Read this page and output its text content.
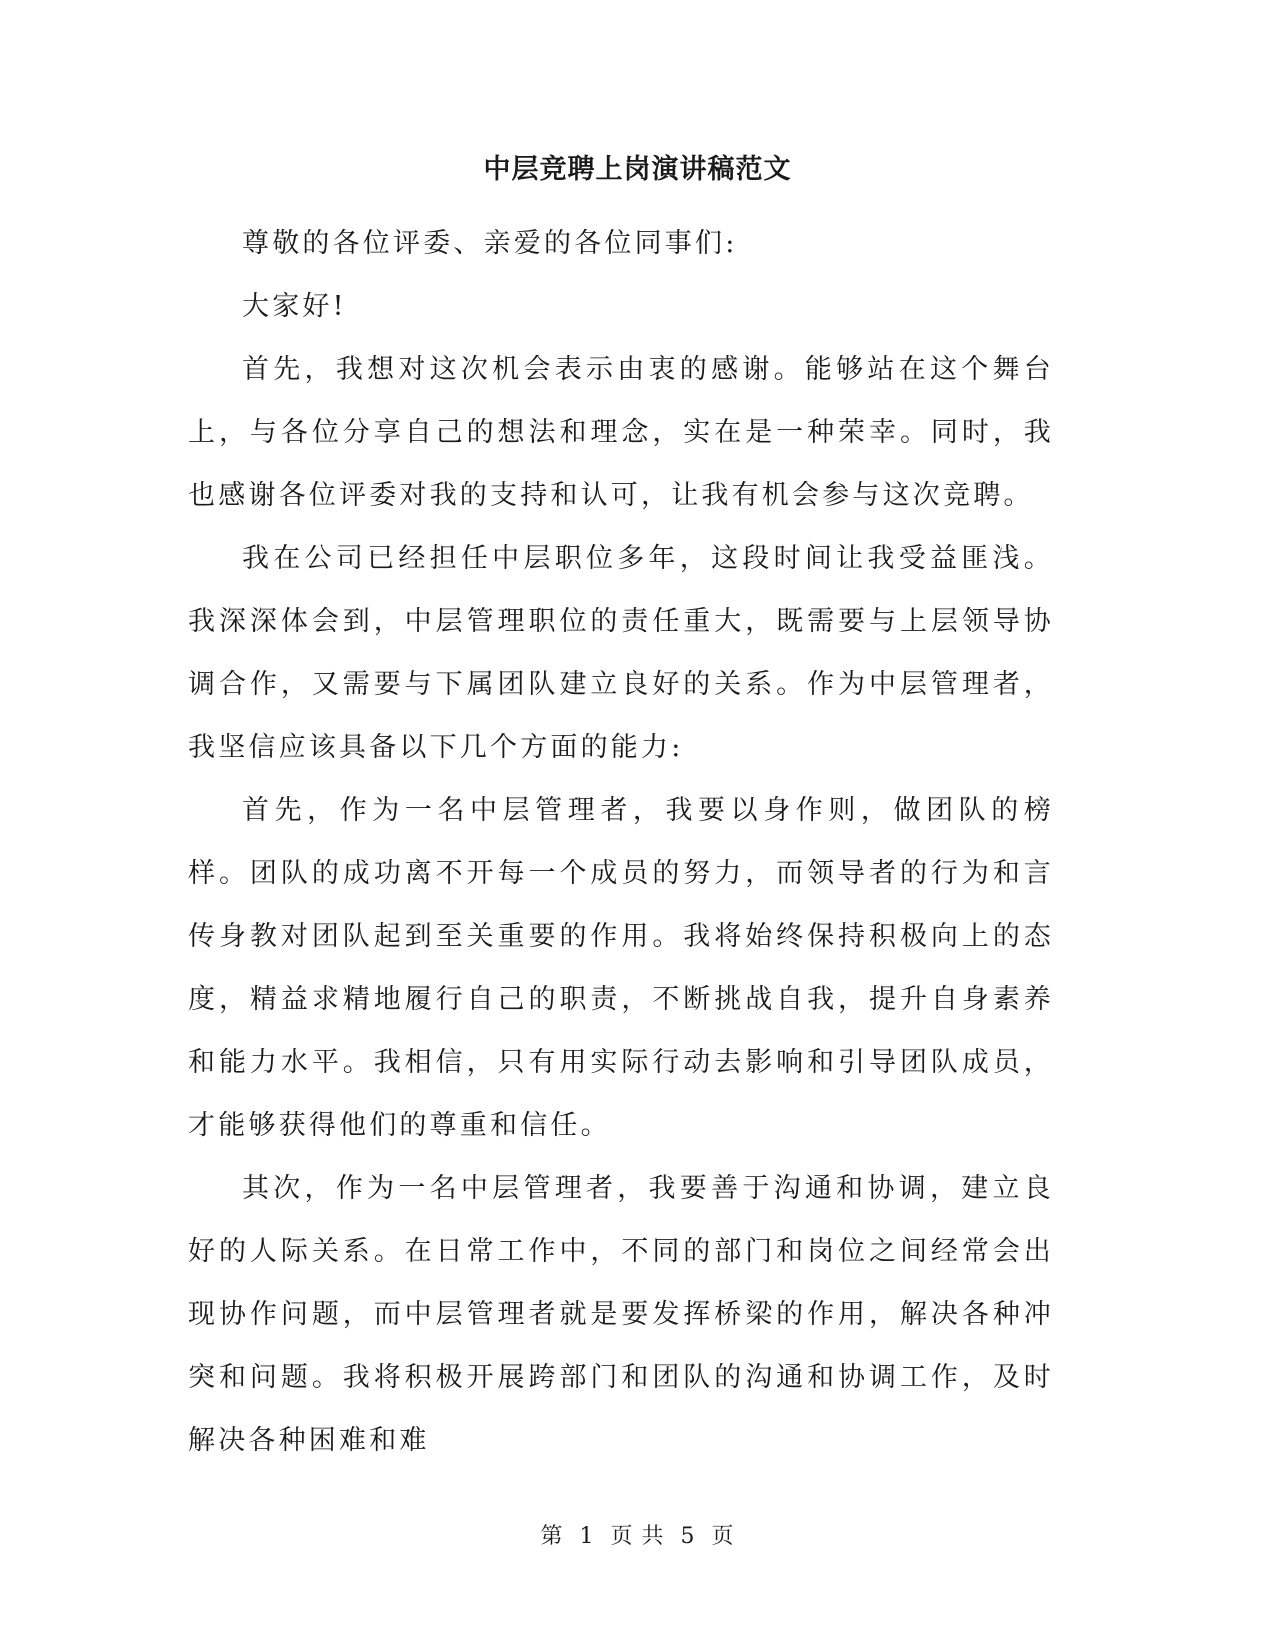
中层竞聘上岗演讲稿范文

尊敬的各位评委、亲爱的各位同事们:

大家好!

首先，我想对这次机会表示由衷的感谢。能够站在这个舞台上，与各位分享自己的想法和理念，实在是一种荣幸。同时，我也感谢各位评委对我的支持和认可，让我有机会参与这次竞聘。

我在公司已经担任中层职位多年，这段时间让我受益匪浅。我深深体会到，中层管理职位的责任重大，既需要与上层领导协调合作，又需要与下属团队建立良好的关系。作为中层管理者，我坚信应该具备以下几个方面的能力:

首先，作为一名中层管理者，我要以身作则，做团队的榜样。团队的成功离不开每一个成员的努力，而领导者的行为和言传身教对团队起到至关重要的作用。我将始终保持积极向上的态度，精益求精地履行自己的职责，不断挑战自我，提升自身素养和能力水平。我相信，只有用实际行动去影响和引导团队成员，才能够获得他们的尊重和信任。

其次，作为一名中层管理者，我要善于沟通和协调，建立良好的人际关系。在日常工作中，不同的部门和岗位之间经常会出现协作问题，而中层管理者就是要发挥桥梁的作用，解决各种冲突和问题。我将积极开展跨部门和团队的沟通和协调工作，及时解决各种困难和难

第 1 页 共 5 页
